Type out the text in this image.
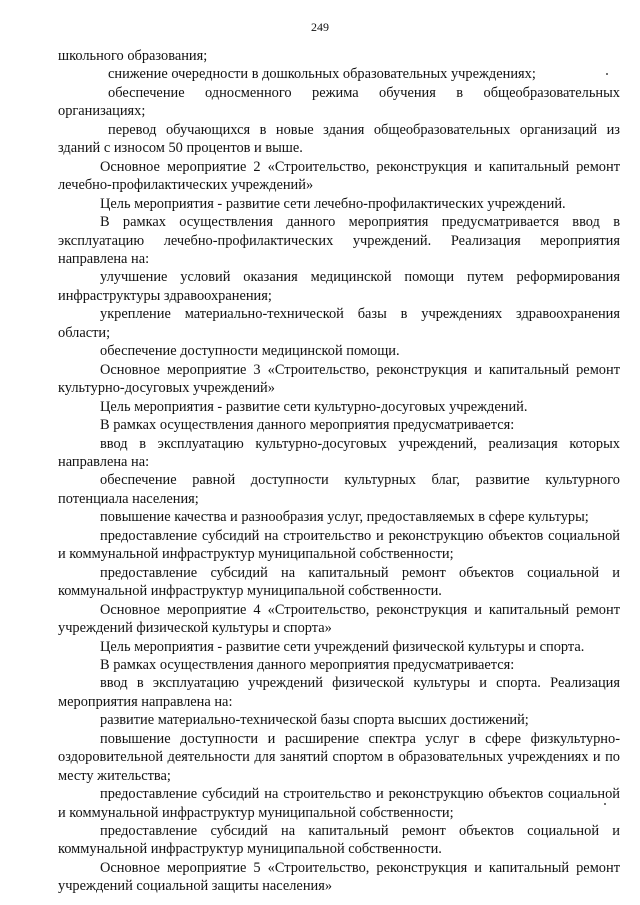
249

школьного образования;

снижение очередности в дошкольных образовательных учреждениях;

обеспечение односменного режима обучения в общеобразовательных организациях;

перевод обучающихся в новые здания общеобразовательных организаций из зданий с износом 50 процентов и выше.

Основное мероприятие 2 «Строительство, реконструкция и капитальный ремонт лечебно-профилактических учреждений»

Цель мероприятия - развитие сети лечебно-профилактических учреждений.

В рамках осуществления данного мероприятия предусматривается ввод в эксплуатацию лечебно-профилактических учреждений. Реализация мероприятия направлена на:

улучшение условий оказания медицинской помощи путем реформирования инфраструктуры здравоохранения;

укрепление материально-технической базы в учреждениях здравоохранения области;

обеспечение доступности медицинской помощи.

Основное мероприятие 3 «Строительство, реконструкция и капитальный ремонт культурно-досуговых учреждений»

Цель мероприятия - развитие сети культурно-досуговых учреждений.

В рамках осуществления данного мероприятия предусматривается:

ввод в эксплуатацию культурно-досуговых учреждений, реализация которых направлена на:

обеспечение равной доступности культурных благ, развитие культурного потенциала населения;

повышение качества и разнообразия услуг, предоставляемых в сфере культуры;

предоставление субсидий на строительство и реконструкцию объектов социальной и коммунальной инфраструктур муниципальной собственности;

предоставление субсидий на капитальный ремонт объектов социальной и коммунальной инфраструктур муниципальной собственности.

Основное мероприятие 4 «Строительство, реконструкция и капитальный ремонт учреждений физической культуры и спорта»

Цель мероприятия - развитие сети учреждений физической культуры и спорта.

В рамках осуществления данного мероприятия предусматривается:

ввод в эксплуатацию учреждений физической культуры и спорта. Реализация мероприятия направлена на:

развитие материально-технической базы спорта высших достижений;

повышение доступности и расширение спектра услуг в сфере физкультурно-оздоровительной деятельности для занятий спортом в образовательных учреждениях и по месту жительства;

предоставление субсидий на строительство и реконструкцию объектов социальной и коммунальной инфраструктур муниципальной собственности;

предоставление субсидий на капитальный ремонт объектов социальной и коммунальной инфраструктур муниципальной собственности.

Основное мероприятие 5 «Строительство, реконструкция и капитальный ремонт учреждений социальной защиты населения»
